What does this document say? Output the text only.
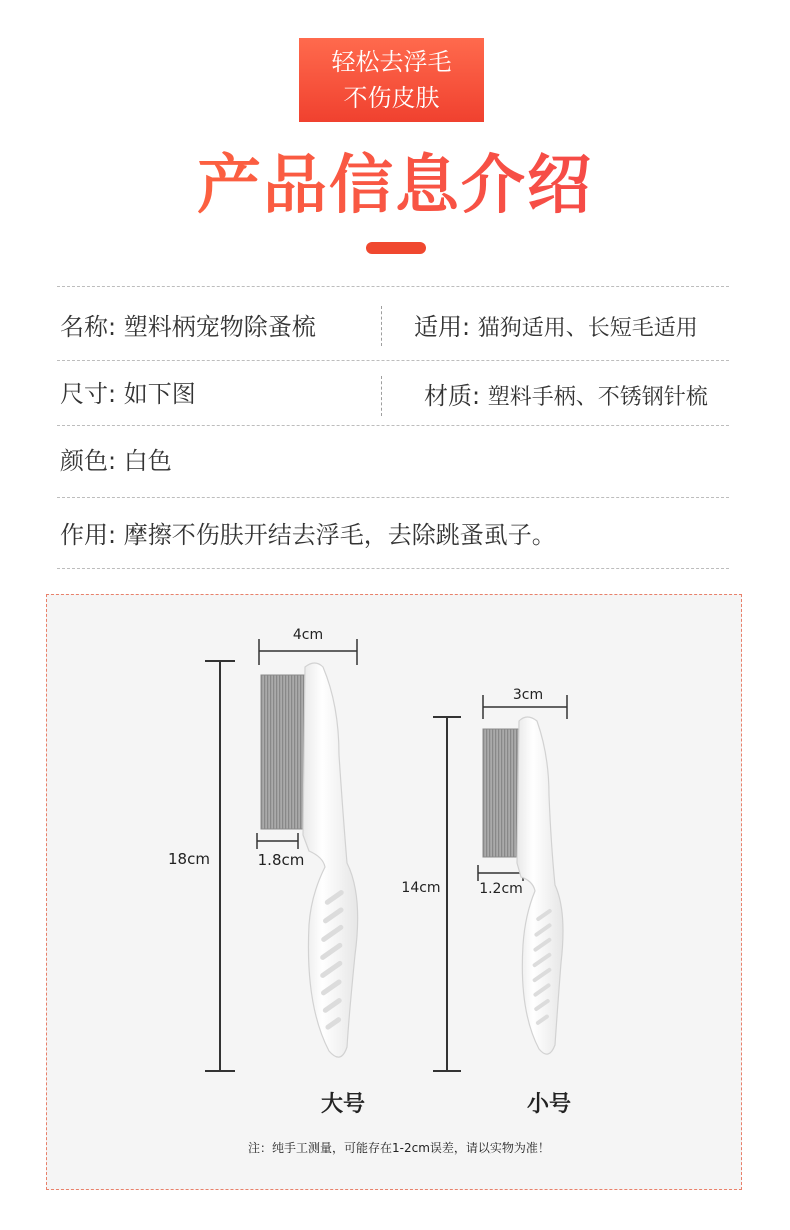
轻松去浮毛
不伤皮肤
产品信息介绍
名称: 塑料柄宠物除蚤梳	适用: 猫狗适用、长短毛适用
尺寸: 如下图	材质: 塑料手柄、不锈钢针梳
颜色: 白色
作用: 摩擦不伤肤开结去浮毛，去除跳蚤虱子。
4cm
18cm	1.8cm
大号
3cm
14cm	1.2cm
小号
注：纯手工测量，可能存在1-2cm误差，请以实物为准！
